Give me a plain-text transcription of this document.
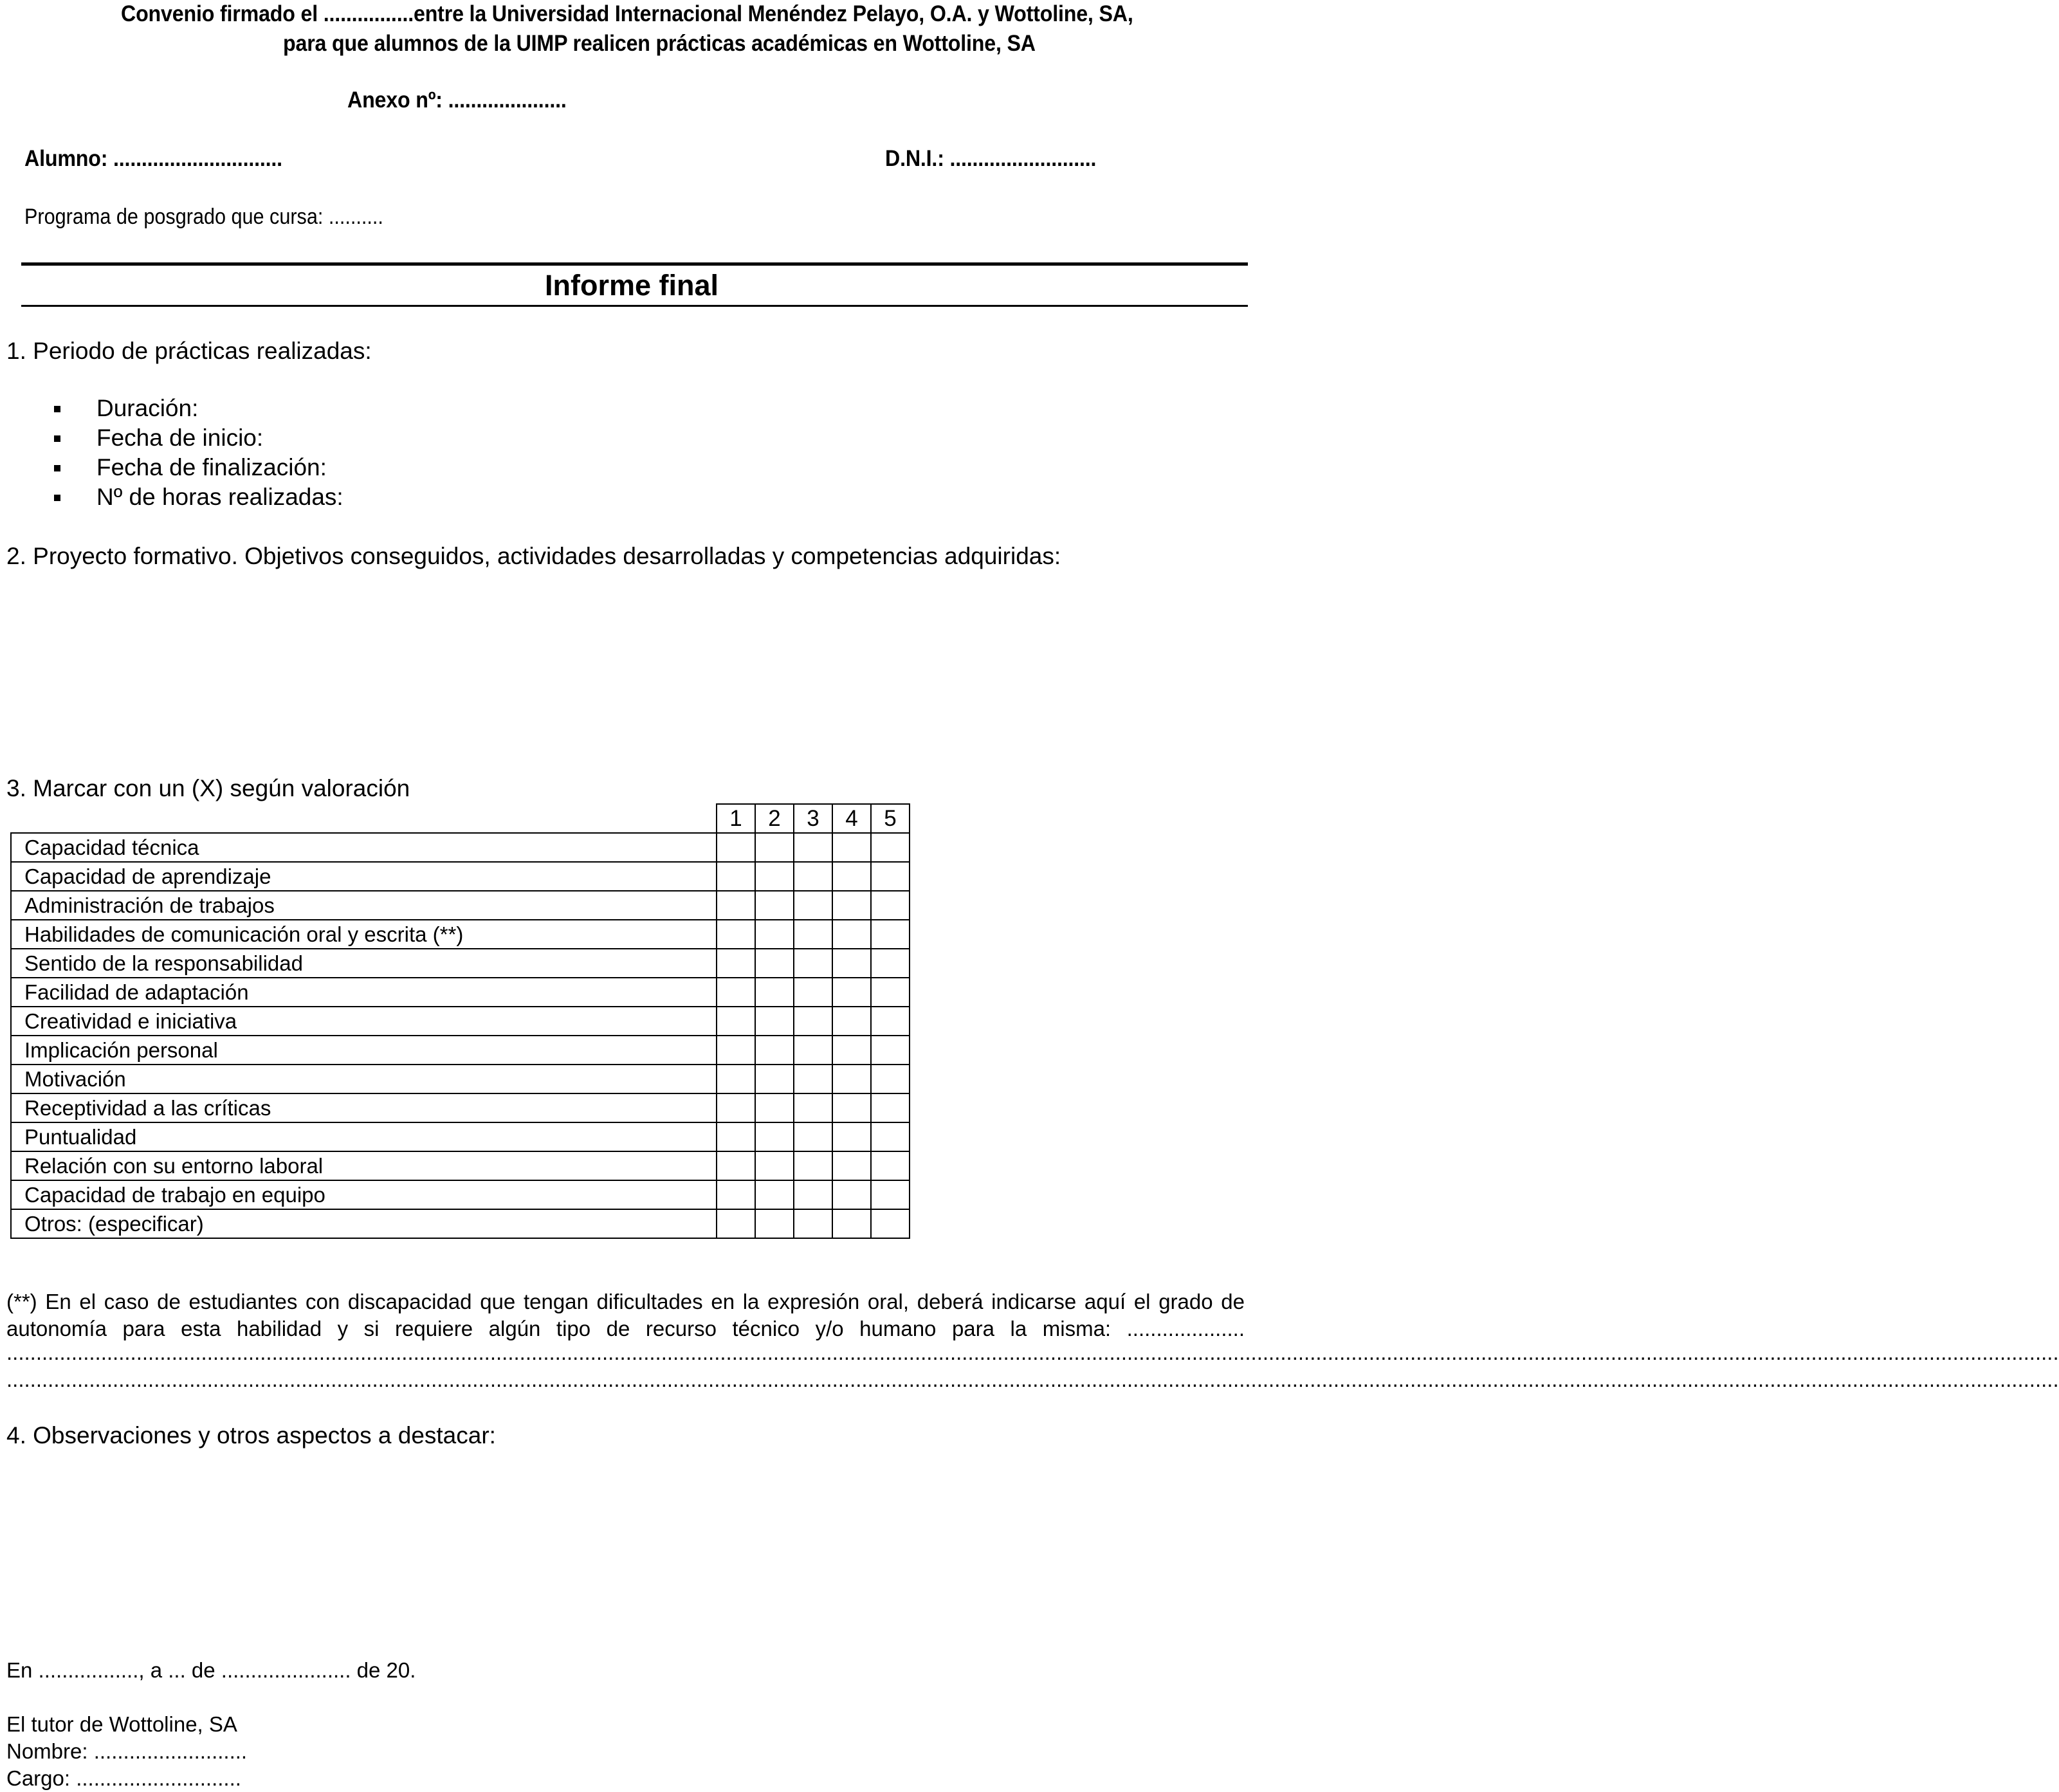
Convenio firmado el ................entre la Universidad Internacional Menéndez Pelayo, O.A. y Wottoline, SA,
para que alumnos de la UIMP realicen prácticas académicas en Wottoline, SA
Anexo nº: .....................
Alumno: ..............................	D.N.I.: ..........................
Programa de posgrado que cursa: ..........
Informe final
1. Periodo de prácticas realizadas:
Duración:
Fecha de inicio:
Fecha de finalización:
Nº de horas realizadas:
2. Proyecto formativo. Objetivos conseguidos, actividades desarrolladas y competencias adquiridas:
3. Marcar con un (X) según valoración
	1	2	3	4	5
Capacidad técnica					
Capacidad de aprendizaje					
Administración de trabajos					
Habilidades de comunicación oral y escrita (**)					
Sentido de la responsabilidad					
Facilidad de adaptación					
Creatividad e iniciativa					
Implicación personal					
Motivación					
Receptividad a las críticas					
Puntualidad					
Relación con su entorno laboral					
Capacidad de trabajo en equipo					
Otros: (especificar)					
(**) En el caso de estudiantes con discapacidad que tengan dificultades en la expresión oral, deberá indicarse aquí el grado de
autonomía para esta habilidad y si requiere algún tipo de recurso técnico y/o humano para la misma: ....................
............................................................................................................................................................................................................................................................................................................................................................
............................................................................................................................................................................................................................................................................................................................................................
4. Observaciones y otros aspectos a destacar:
En ................., a ... de ...................... de 20.
El tutor de Wottoline, SA
Nombre: ..........................
Cargo: ............................
